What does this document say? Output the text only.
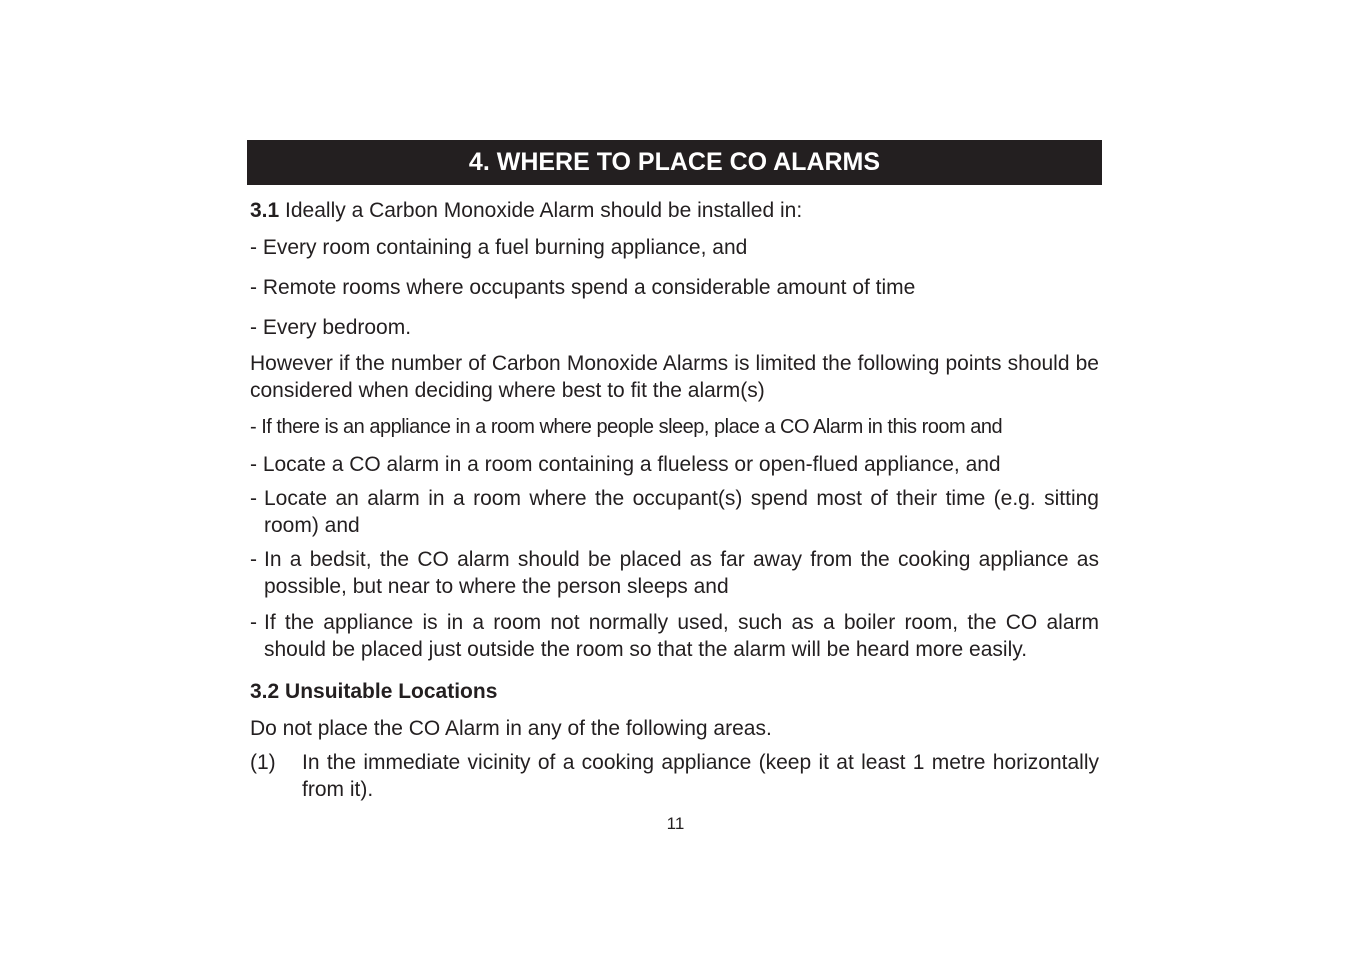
4. WHERE TO PLACE CO ALARMS
3.1 Ideally a Carbon Monoxide Alarm should be installed in:
- Every room containing a fuel burning appliance, and
- Remote rooms where occupants spend a considerable amount of time
- Every bedroom.
However if the number of Carbon Monoxide Alarms is limited the following points should be considered when deciding where best to fit the alarm(s)
- If there is an appliance in a room where people sleep, place a CO Alarm in this room and
- Locate a CO alarm in a room containing a flueless or open-flued appliance, and
- Locate an alarm in a room where the occupant(s) spend most of their time (e.g. sitting room) and
- In a bedsit, the CO alarm should be placed as far away from the cooking appliance as possible, but near to where the person sleeps and
- If the appliance is in a room not normally used, such as a boiler room, the CO alarm should be placed just outside the room so that the alarm will be heard more easily.
3.2 Unsuitable Locations
Do not place the CO Alarm in any of the following areas.
(1) In the immediate vicinity of a cooking appliance (keep it at least 1 metre horizontally from it).
11
